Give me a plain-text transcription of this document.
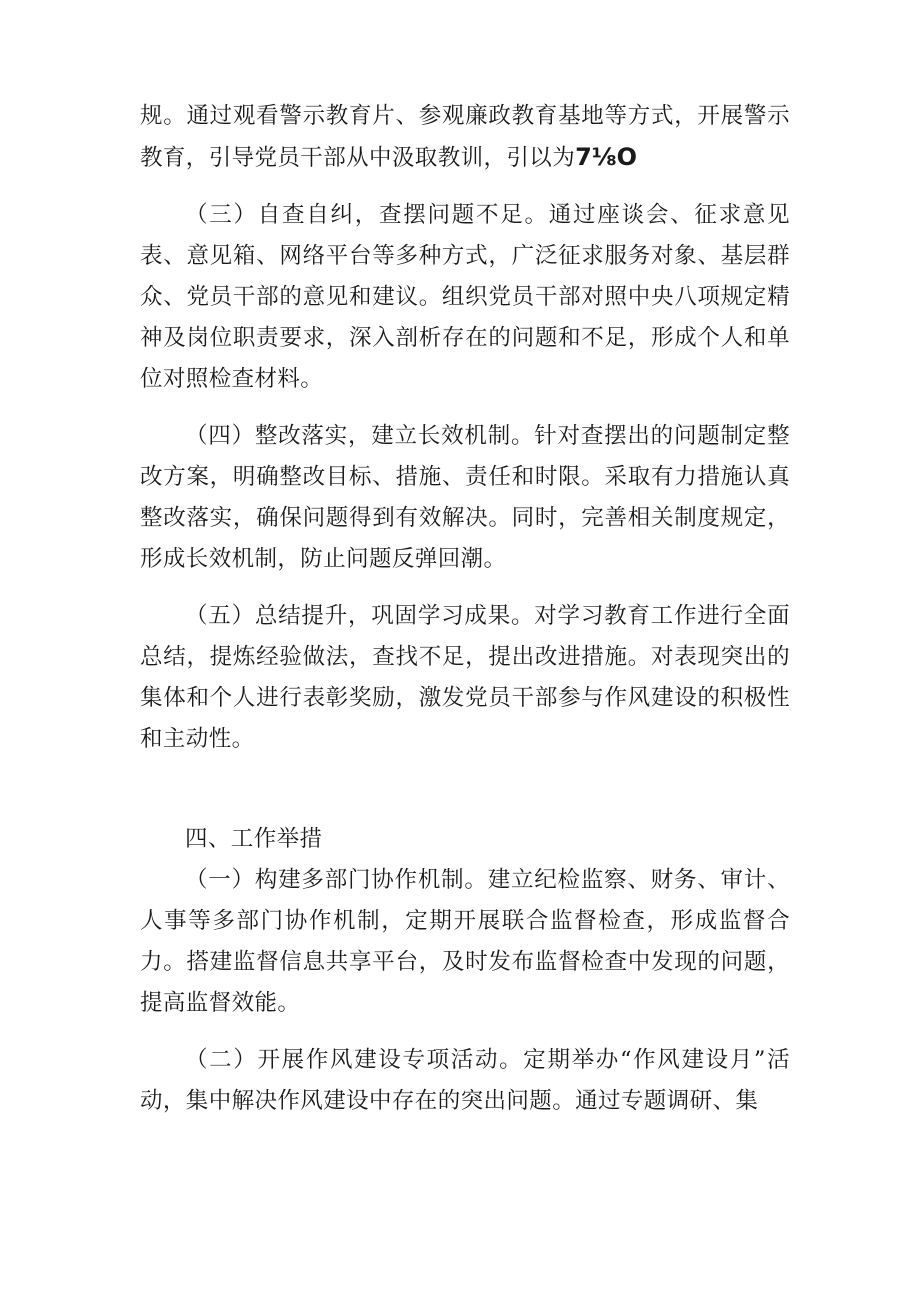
规。通过观看警示教育片、参观廉政教育基地等方式，开展警示教育，引导党员干部从中汲取教训，引以为7⅛O

（三）自查自纠，查摆问题不足。通过座谈会、征求意见表、意见箱、网络平台等多种方式，广泛征求服务对象、基层群众、党员干部的意见和建议。组织党员干部对照中央八项规定精神及岗位职责要求，深入剖析存在的问题和不足，形成个人和单位对照检查材料。

（四）整改落实，建立长效机制。针对查摆出的问题制定整改方案，明确整改目标、措施、责任和时限。采取有力措施认真整改落实，确保问题得到有效解决。同时，完善相关制度规定，形成长效机制，防止问题反弹回潮。

（五）总结提升，巩固学习成果。对学习教育工作进行全面总结，提炼经验做法，查找不足，提出改进措施。对表现突出的集体和个人进行表彰奖励，激发党员干部参与作风建设的积极性和主动性。

四、工作举措

（一）构建多部门协作机制。建立纪检监察、财务、审计、人事等多部门协作机制，定期开展联合监督检查，形成监督合力。搭建监督信息共享平台，及时发布监督检查中发现的问题，提高监督效能。

（二）开展作风建设专项活动。定期举办“作风建设月”活动，集中解决作风建设中存在的突出问题。通过专题调研、集
